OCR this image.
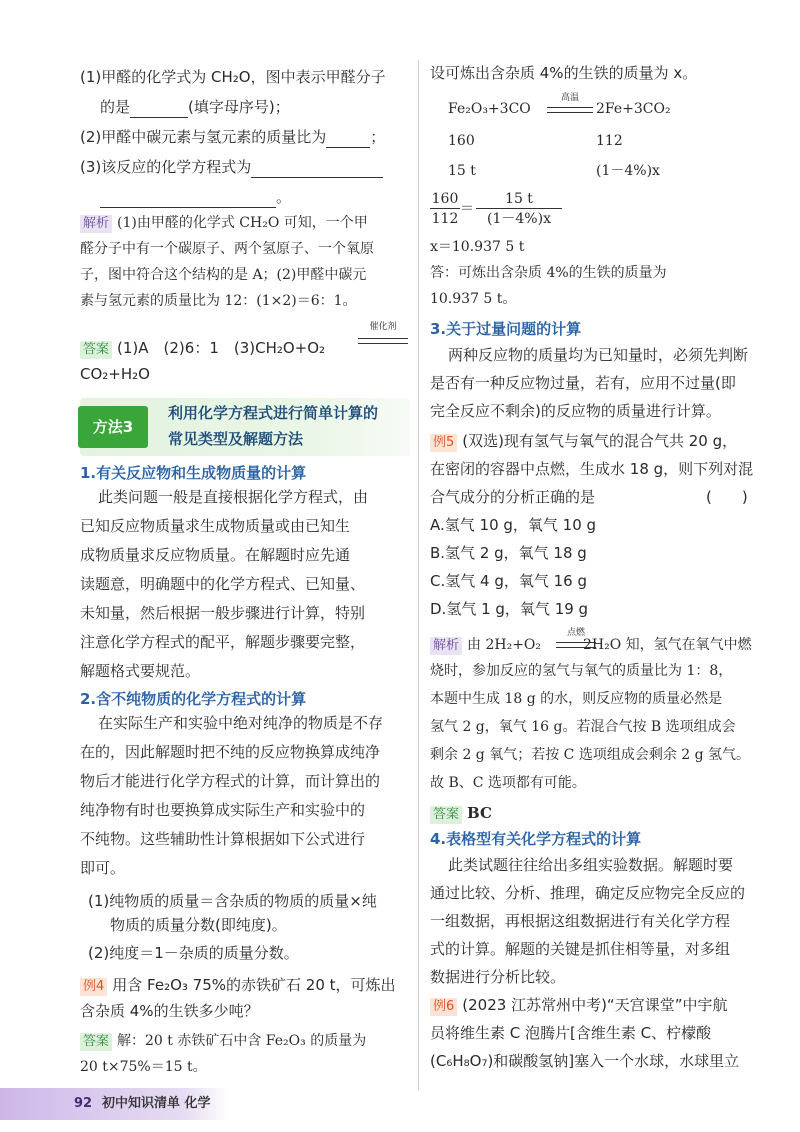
(1)甲醛的化学式为 CH₂O，图中表示甲醛分子
的是	(填字母序号)；
(2)甲醛中碳元素与氢元素的质量比为	；
(3)该反应的化学方程式为
。
解析 (1)由甲醛的化学式 CH₂O 可知，一个甲
醛分子中有一个碳原子、两个氢原子、一个氧原
子，图中符合这个结构的是 A；(2)甲醛中碳元
素与氢元素的质量比为 12：(1×2)＝6：1。
答案 (1)A　(2)6：1　(3)CH₂O+O₂
催化剂
CO₂+H₂O
方法3
利用化学方程式进行简单计算的
常见类型及解题方法
1.有关反应物和生成物质量的计算
此类问题一般是直接根据化学方程式，由
已知反应物质量求生成物质量或由已知生
成物质量求反应物质量。在解题时应先通
读题意，明确题中的化学方程式、已知量、
未知量，然后根据一般步骤进行计算，特别
注意化学方程式的配平，解题步骤要完整，
解题格式要规范。
2.含不纯物质的化学方程式的计算
在实际生产和实验中绝对纯净的物质是不存
在的，因此解题时把不纯的反应物换算成纯净
物后才能进行化学方程式的计算，而计算出的
纯净物有时也要换算成实际生产和实验中的
不纯物。这些辅助性计算根据如下公式进行
即可。
(1)纯物质的质量＝含杂质的物质的质量×纯
物质的质量分数(即纯度)。
(2)纯度＝1－杂质的质量分数。
例4 用含 Fe₂O₃ 75%的赤铁矿石 20 t，可炼出
含杂质 4%的生铁多少吨？
答案 解：20 t 赤铁矿石中含 Fe₂O₃ 的质量为
20 t×75%＝15 t。
设可炼出含杂质 4%的生铁的质量为 x。
Fe₂O₃+3CO
高温
2Fe+3CO₂
160	112
15 t	(1－4%)x
160
112
＝
15 t
(1－4%)x
x＝10.937 5 t
答：可炼出含杂质 4%的生铁的质量为
10.937 5 t。
3.关于过量问题的计算
两种反应物的质量均为已知量时，必须先判断
是否有一种反应物过量，若有，应用不过量(即
完全反应不剩余)的反应物的质量进行计算。
例5 (双选)现有氢气与氧气的混合气共 20 g，
在密闭的容器中点燃，生成水 18 g，则下列对混
合气成分的分析正确的是	(　　)
A.氢气 10 g，氧气 10 g
B.氢气 2 g，氧气 18 g
C.氢气 4 g，氧气 16 g
D.氢气 1 g，氧气 19 g
解析 由 2H₂+O₂	2H₂O 知，氢气在氧气中燃
点燃
烧时，参加反应的氢气与氧气的质量比为 1：8，
本题中生成 18 g 的水，则反应物的质量必然是
氢气 2 g，氧气 16 g。若混合气按 B 选项组成会
剩余 2 g 氧气；若按 C 选项组成会剩余 2 g 氢气。
故 B、C 选项都有可能。
答案 BC
4.表格型有关化学方程式的计算
此类试题往往给出多组实验数据。解题时要
通过比较、分析、推理，确定反应物完全反应的
一组数据，再根据这组数据进行有关化学方程
式的计算。解题的关键是抓住相等量，对多组
数据进行分析比较。
例6 (2023 江苏常州中考)“天宫课堂”中宇航
员将维生素 C 泡腾片[含维生素 C、柠檬酸
(C₆H₈O₇)和碳酸氢钠]塞入一个水球，水球里立
92 初中知识清单 化学
